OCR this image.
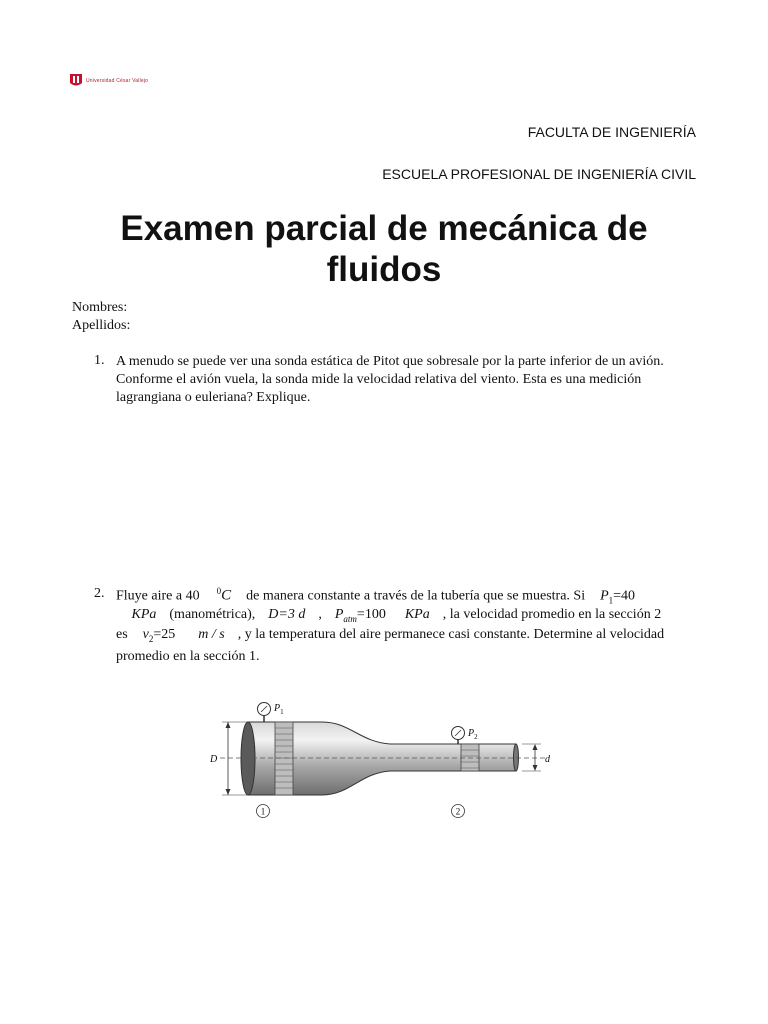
Universidad César Vallejo
FACULTA DE INGENIERÍA
ESCUELA PROFESIONAL DE INGENIERÍA CIVIL
Examen parcial de mecánica de
fluidos
Nombres:
Apellidos:
1. A menudo se puede ver una sonda estática de Pitot que sobresale por la parte inferior de un avión. Conforme el avión vuela, la sonda mide la velocidad relativa del viento. Esta es una medición lagrangiana o euleriana? Explique.
2. Fluye aire a 40 $^0$C de manera constante a través de la tubería que se muestra. Si $P_1=40$
KPa (manométrica), D=3 d , $P_{atm}=100$ KPa , la velocidad promedio en la sección 2
es $v_2=25$ m / s , y la temperatura del aire permanece casi constante. Determine al velocidad
promedio en la sección 1.
$P_1$
$P_2$
D	d
1	2
